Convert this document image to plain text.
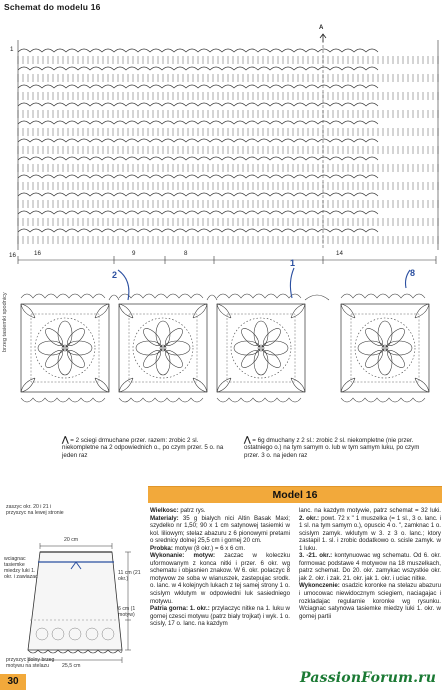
Schemat do modelu 16
16
1
16	9	8	14
2
1
8
A
brzeg tasiemki spodnicy
⋀ = 2 sciegi drmuchane przer. razem: zrobic 2 sl. niekompletne na 2 odpowiednich o., po czym przer. 5 o. na jeden raz
⋀ = 6g dmuchany z 2 sl.: zrobic 2 sl. niekompletne (nie przer. ostatniego o.) na tym samym o. lub w tym samym luku, po czym przer. 3 o. na jeden raz
zaszyc okr. 20 i 21 i przyszyc na lewej stronie
wciagnac tasiemke miedzy luki 1. okr. i zawiazac
20 cm
25,5 cm
11 cm (21 okr.)
6 cm (1 motyw)
przyszyc dolny brzeg motywu na stelazu
Model 16

Wielkosc: patrz rys.

Materialy: 35 g bialych nici Altin Basak Maxi; szydelko nr 1,50; 90 x 1 cm satynowej tasiemki w kol. liliowym; stelaz abazuru z 6 pionowymi pretami o srednicy dolnej 25,5 cm i gornej 20 cm.

Probka: motyw (8 okr.) = 6 x 6 cm.

Wykonanie: motyw: zaczac w koleczku uformowanym z konca nitki i przer. 6 okr. wg schematu i objasnien znakow. W 6. okr. polaczyc 8 motywow ze soba w wianuszek, zastepujac srodk. o. lanc. w 4 kolejnych lukach z tej samej strony 1 o. scislym wklutym w odpowiedni luk sasiedniego motywu.

Patria gorna: 1. okr.: przylaczyc nitke na 1. luku w gornej czesci motywu (patrz bialy trojkat) i wyk. 1 o. scisly, 17 o. lanc. na kazdym

lanc. na kazdym motywie, patrz schemat = 32 luki. 2. okr.: powt. 72 x " 1 muszelka (= 1 sl., 3 o. lanc. i 1 sl. na tym samym o.), opuscic 4 o. ", zamknac 1 o. scislym zamyk. wklutym w 3. z 3 o. lanc.; ktory zastapil 1. sl. i zrobic dodatkowo o. scisle zamyk. w 1 luku.

3. -21. okr.: kontynuowac wg schematu. Od 6. okr. formowac podstawe 4 motywow na 18 muszelkach, patrz schemat. Do 20. okr. zamykac wszystkie okr. jak 2. okr. i zak. 21. okr. jak 1. okr. i uciac nitke.

Wykonczenie: osadzic koronke na stelazu abazuru i umocowac niewidocznym sciegiem, naciagajac i rozkladajac regularnie koronke wg rysunku. Wciagnac satynowa tasiemke miedzy luki 1. okr. w gornej partii

30	PassionForum.ru
